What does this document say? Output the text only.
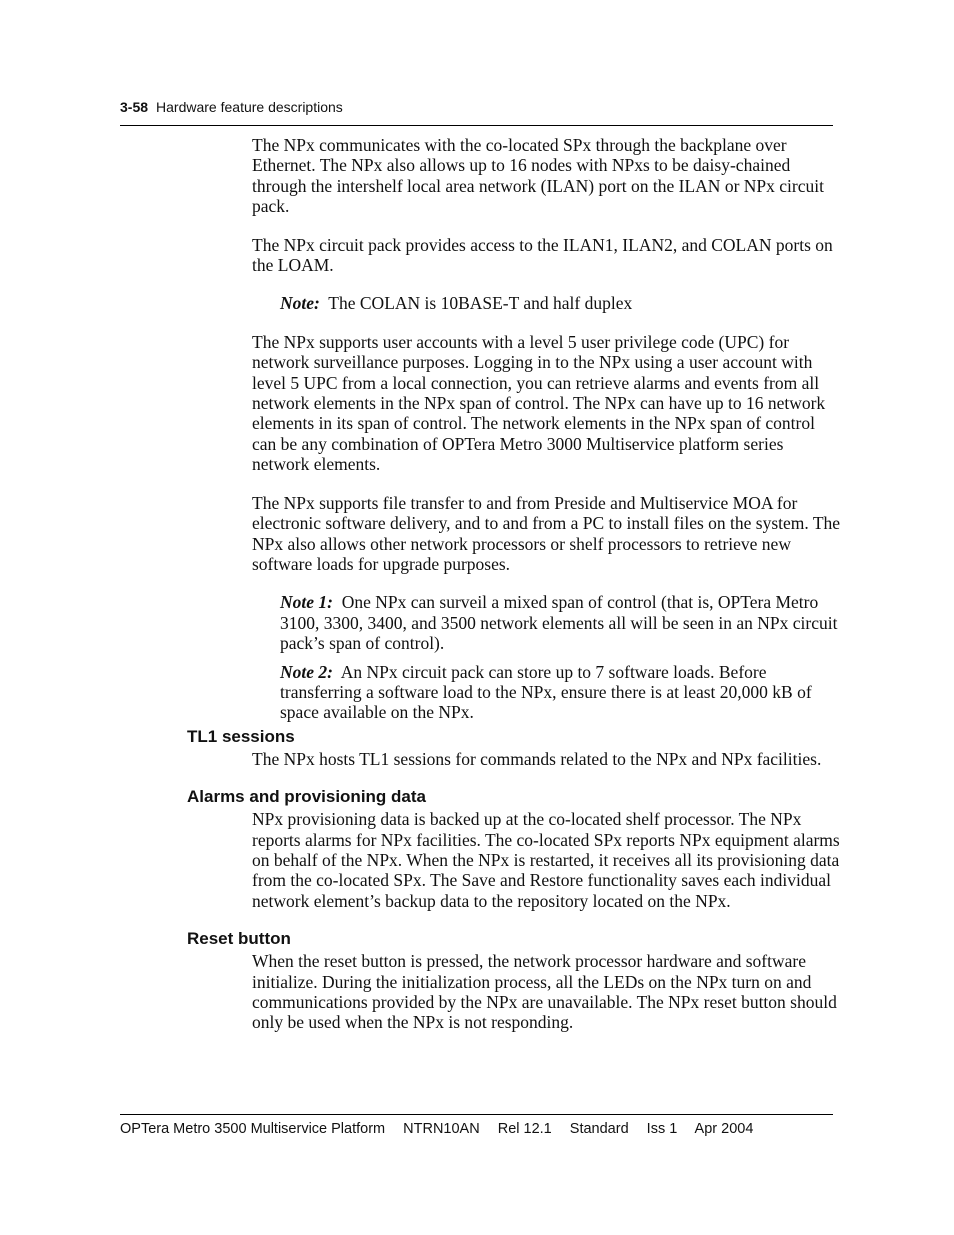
3-58 Hardware feature descriptions

The NPx communicates with the co-located SPx through the backplane over Ethernet. The NPx also allows up to 16 nodes with NPxs to be daisy-chained through the intershelf local area network (ILAN) port on the ILAN or NPx circuit pack.

The NPx circuit pack provides access to the ILAN1, ILAN2, and COLAN ports on the LOAM.

Note: The COLAN is 10BASE-T and half duplex

The NPx supports user accounts with a level 5 user privilege code (UPC) for network surveillance purposes. Logging in to the NPx using a user account with level 5 UPC from a local connection, you can retrieve alarms and events from all network elements in the NPx span of control. The NPx can have up to 16 network elements in its span of control. The network elements in the NPx span of control can be any combination of OPTera Metro 3000 Multiservice platform series network elements.

The NPx supports file transfer to and from Preside and Multiservice MOA for electronic software delivery, and to and from a PC to install files on the system. The NPx also allows other network processors or shelf processors to retrieve new software loads for upgrade purposes.

Note 1: One NPx can surveil a mixed span of control (that is, OPTera Metro 3100, 3300, 3400, and 3500 network elements all will be seen in an NPx circuit pack’s span of control).

Note 2: An NPx circuit pack can store up to 7 software loads. Before transferring a software load to the NPx, ensure there is at least 20,000 kB of space available on the NPx.

TL1 sessions

The NPx hosts TL1 sessions for commands related to the NPx and NPx facilities.

Alarms and provisioning data

NPx provisioning data is backed up at the co-located shelf processor. The NPx reports alarms for NPx facilities. The co-located SPx reports NPx equipment alarms on behalf of the NPx. When the NPx is restarted, it receives all its provisioning data from the co-located SPx. The Save and Restore functionality saves each individual network element’s backup data to the repository located on the NPx.

Reset button

When the reset button is pressed, the network processor hardware and software initialize. During the initialization process, all the LEDs on the NPx turn on and communications provided by the NPx are unavailable. The NPx reset button should only be used when the NPx is not responding.

OPTera Metro 3500 Multiservice Platform NTRN10AN Rel 12.1 Standard Iss 1 Apr 2004
